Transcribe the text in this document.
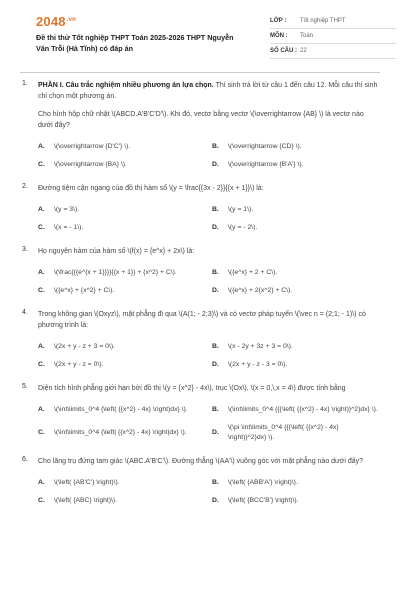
$2048^{.vn}$
Đề thi thử Tốt nghiệp THPT Toán 2025-2026 THPT Nguyễn Văn Trỗi (Hà Tĩnh) có đáp án
LỚP :	Tốt nghiệp THPT
MÔN :	Toán
SỐ CÂU : 22
1. PHẦN I. Câu trắc nghiệm nhiều phương án lựa chọn. Thí sinh trả lời từ câu 1 đến câu 12. Mỗi câu thí sinh chỉ chọn một phương án.
Cho hình hộp chữ nhật \(ABCD.A'B'C'D'\). Khi đó, vectơ bằng vectơ \(\overrightarrow {AB} \) là vectơ nào dưới đây?
A.	\(\overrightarrow {D'C'} \).	B.	\(\overrightarrow {CD} \).
C.	\(\overrightarrow {BA} \).	D.	\(\overrightarrow {B'A'} \).
2. Đường tiệm cận ngang của đồ thị hàm số \(y = \frac{{3x - 2}}{{x + 1}}\) là:
A.	\(y = 3\).	B.	\(y = 1\).
C.	\(x = - 1\).	D.	\(y = - 2\).
3. Họ nguyên hàm của hàm số \(f(x) = {e^x} + 2x\) là:
A.	\(\frac{{{e^{x + 1}}}}{{x + 1}} + {x^2} + C\).	B.	\({e^x} + 2 + C\).
C.	\({e^x} + {x^2} + C\).	D.	\({e^x} + 2{x^2} + C\).
4. Trong không gian \(Oxyz\), mặt phẳng đi qua \(A(1; - 2;3)\) và có vectơ pháp tuyến \(\vec n = (2;1; - 1)\) có phương trình là:
A.	\(2x + y - z + 3 = 0\).	B.	\(x - 2y + 3z + 3 = 0\).
C.	\(2x + y - z = 0\).	D.	\(2x + y - z - 3 = 0\).
5. Diện tích hình phẳng giới hạn bởi đồ thị \(y = {x^2} - 4x\), trục \(Ox\), \(x = 0,\,x = 4\) được tính bằng
A.	\(\int\limits_0^4 {\left( {{x^2} - 4x} \right)dx} \).	B.	\(\int\limits_0^4 {{{\left( {{x^2} - 4x} \right)}^2}dx} \).
C.	\(\int\limits_0^4 {\left| {{x^2} - 4x} \right|dx} \).	D.
\(\pi \int\limits_0^4 {{{\left( {{x^2} - 4x} \right)}^2}dx} \).
6. Cho lăng trụ đứng tam giác \(ABC.A'B'C'\). Đường thẳng \(AA'\) vuông góc với mặt phẳng nào dưới đây?
A.	\(\left( {AB'C'} \right)\).	B.	\(\left( {ABB'A'} \right)\).
C.	\(\left( {ABC} \right)\).	D.	\(\left( {BCC'B'} \right)\).
